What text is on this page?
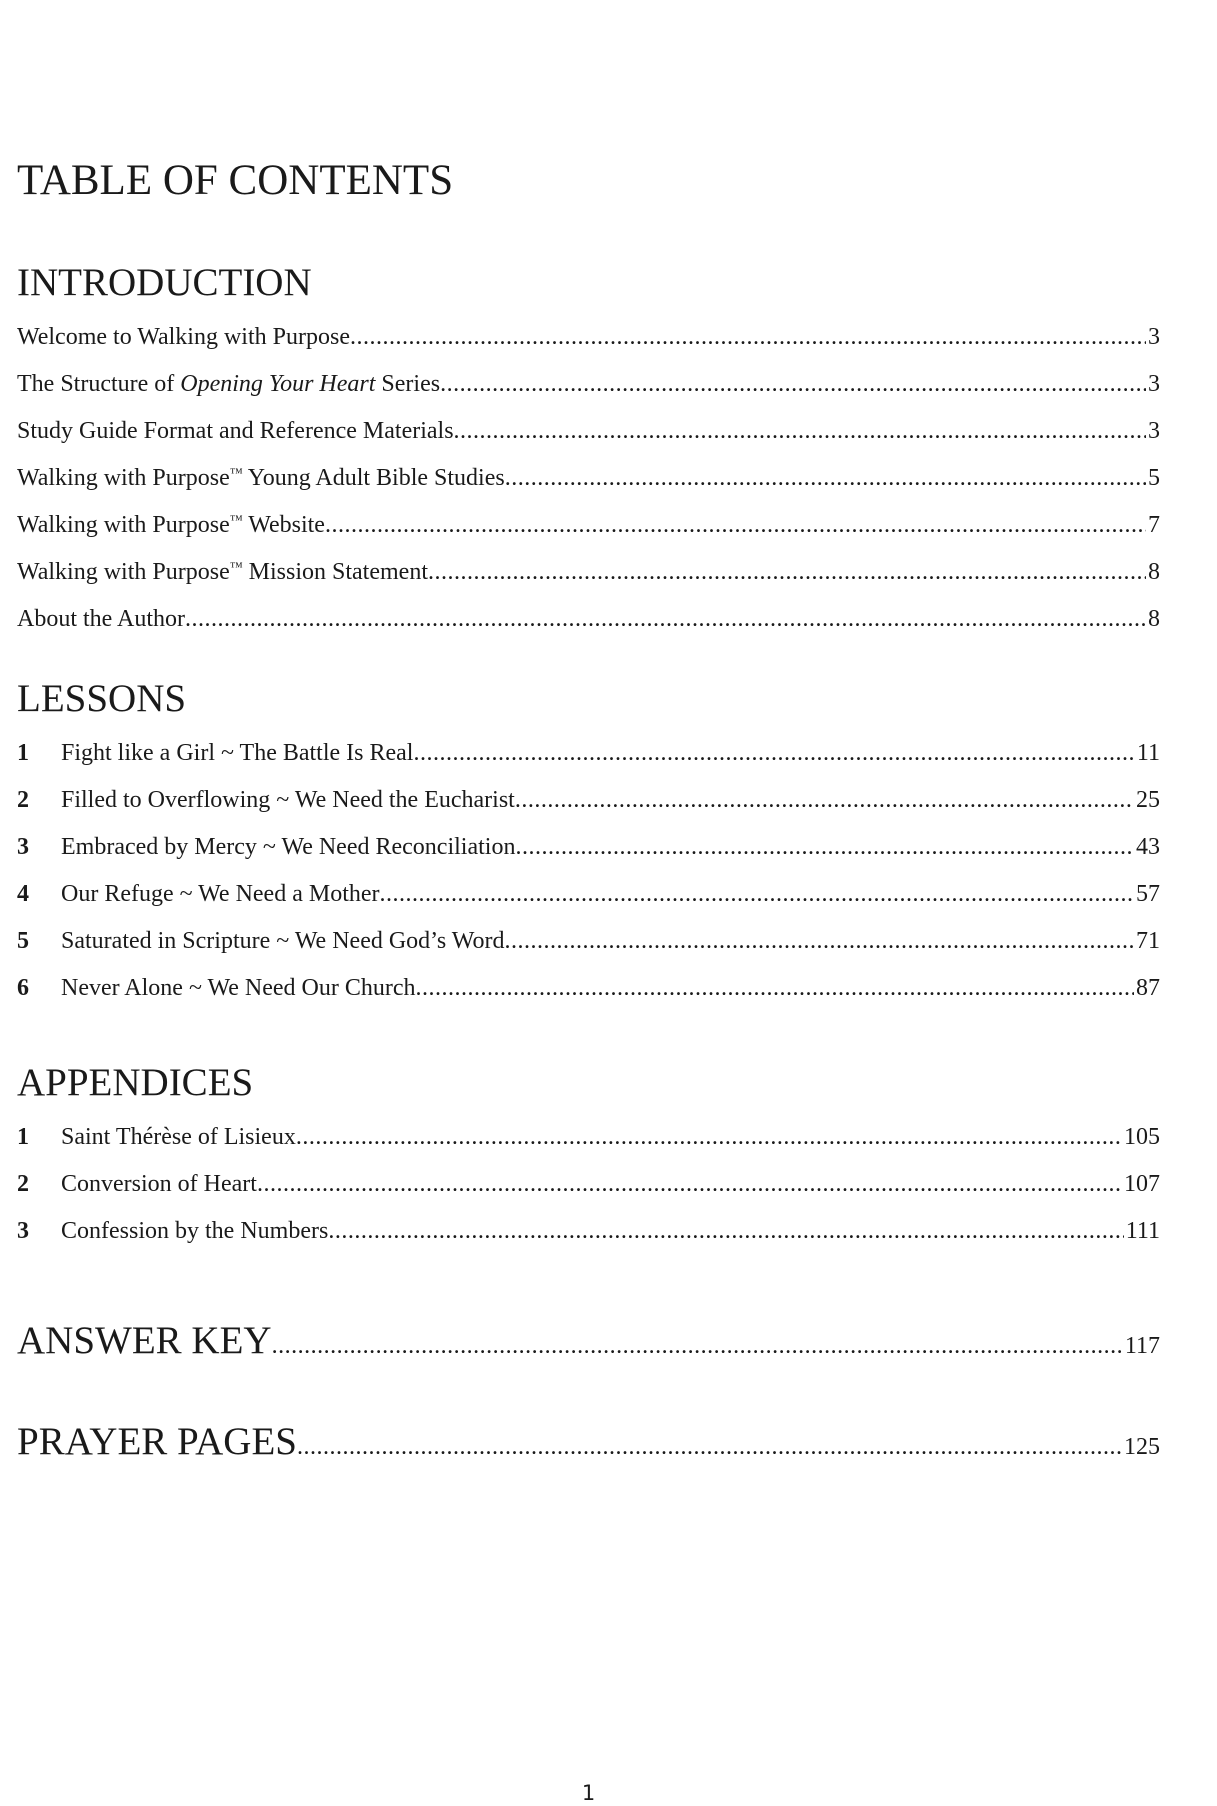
TABLE OF CONTENTS
INTRODUCTION
Welcome to Walking with Purpose .....	3
The Structure of Opening Your Heart Series .....	3
Study Guide Format and Reference Materials .....	3
Walking with Purpose™ Young Adult Bible Studies .....	5
Walking with Purpose™ Website .....	7
Walking with Purpose™ Mission Statement .....	8
About the Author .....	8
LESSONS
1	Fight like a Girl ~ The Battle Is Real .....	11
2	Filled to Overflowing ~ We Need the Eucharist .....	25
3	Embraced by Mercy ~ We Need Reconciliation .....	43
4	Our Refuge ~ We Need a Mother .....	57
5	Saturated in Scripture ~ We Need God’s Word .....	71
6	Never Alone ~ We Need Our Church .....	87
APPENDICES
1	Saint Thérèse of Lisieux .....	105
2	Conversion of Heart .....	107
3	Confession by the Numbers .....	111
ANSWER KEY .....	117
PRAYER PAGES .....	125
1
